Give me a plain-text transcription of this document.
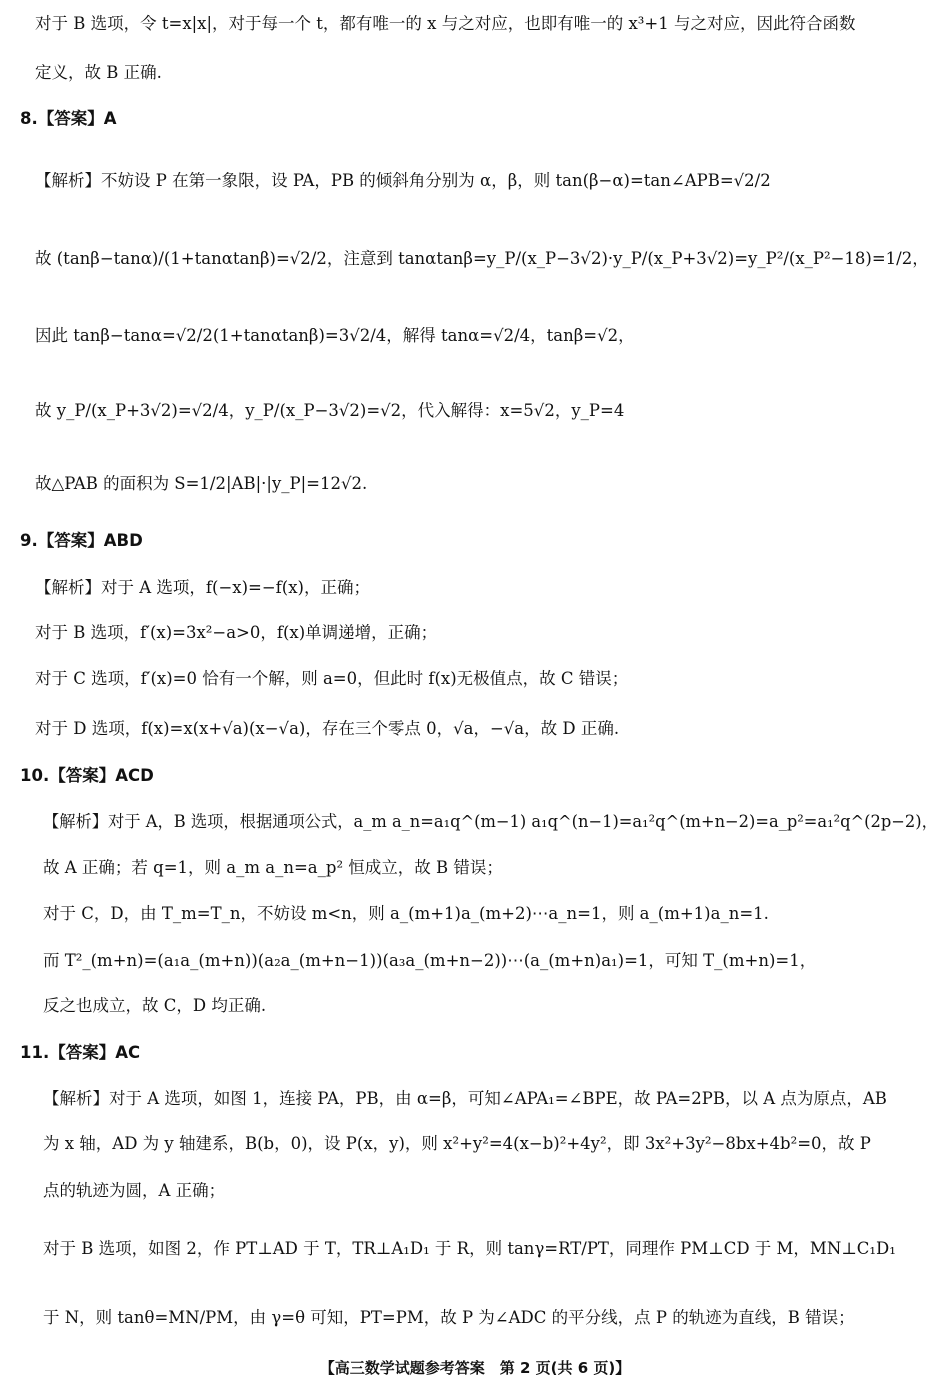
对于 B 选项，令 t=x|x|，对于每一个 t，都有唯一的 x 与之对应，也即有唯一的 x³+1 与之对应，因此符合函数
定义，故 B 正确.
8.【答案】A
【解析】不妨设 P 在第一象限，设 PA，PB 的倾斜角分别为 α，β，则 tan(β−α)=tan∠APB=√2/2
故 (tanβ−tanα)/(1+tanαtanβ)=√2/2，注意到 tanαtanβ=y_P/(x_P−3√2)·y_P/(x_P+3√2)=y_P²/(x_P²−18)=1/2，
因此 tanβ−tanα=√2/2(1+tanαtanβ)=3√2/4，解得 tanα=√2/4，tanβ=√2，
故 y_P/(x_P+3√2)=√2/4，y_P/(x_P−3√2)=√2，代入解得：x=5√2，y_P=4
故△PAB 的面积为 S=1/2|AB|·|y_P|=12√2.
9.【答案】ABD
【解析】对于 A 选项，f(−x)=−f(x)，正确；
对于 B 选项，f′(x)=3x²−a>0，f(x)单调递增，正确；
对于 C 选项，f′(x)=0 恰有一个解，则 a=0，但此时 f(x)无极值点，故 C 错误；
对于 D 选项，f(x)=x(x+√a)(x−√a)，存在三个零点 0，√a，−√a，故 D 正确.
10.【答案】ACD
【解析】对于 A，B 选项，根据通项公式，a_m a_n=a₁q^(m−1) a₁q^(n−1)=a₁²q^(m+n−2)=a_p²=a₁²q^(2p−2)，
故 A 正确；若 q=1，则 a_m a_n=a_p² 恒成立，故 B 错误；
对于 C，D，由 T_m=T_n，不妨设 m<n，则 a_(m+1)a_(m+2)⋯a_n=1，则 a_(m+1)a_n=1.
而 T²_(m+n)=(a₁a_(m+n))(a₂a_(m+n−1))(a₃a_(m+n−2))⋯(a_(m+n)a₁)=1，可知 T_(m+n)=1，
反之也成立，故 C，D 均正确.
11.【答案】AC
【解析】对于 A 选项，如图 1，连接 PA，PB，由 α=β，可知∠APA₁=∠BPE，故 PA=2PB，以 A 点为原点，AB
为 x 轴，AD 为 y 轴建系，B(b，0)，设 P(x，y)，则 x²+y²=4(x−b)²+4y²，即 3x²+3y²−8bx+4b²=0，故 P
点的轨迹为圆，A 正确；
对于 B 选项，如图 2，作 PT⊥AD 于 T，TR⊥A₁D₁ 于 R，则 tanγ=RT/PT，同理作 PM⊥CD 于 M，MN⊥C₁D₁
于 N，则 tanθ=MN/PM，由 γ=θ 可知，PT=PM，故 P 为∠ADC 的平分线，点 P 的轨迹为直线，B 错误；
【高三数学试题参考答案　第 2 页(共 6 页)】
